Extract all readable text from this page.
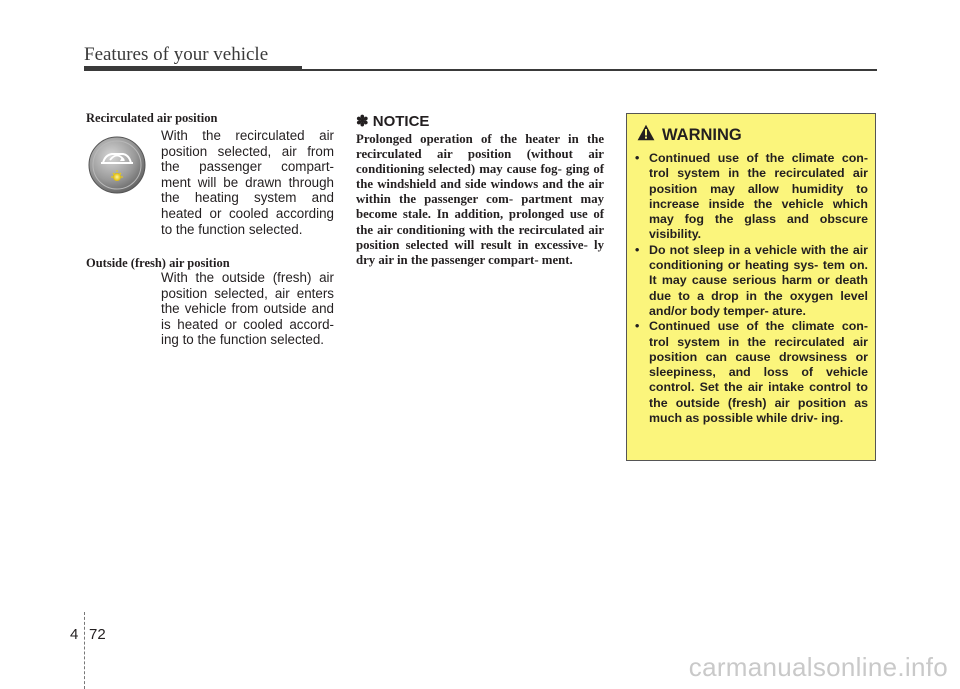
Features of your vehicle
Recirculated air position
With the recirculated air position selected, air from the passenger compart- ment will be drawn through the heating system and heated or cooled according to the function selected.
Outside (fresh) air position
With the outside (fresh) air position selected, air enters the vehicle from outside and is heated or cooled accord- ing to the function selected.
✽ NOTICE
Prolonged operation of the heater in the recirculated air position (without air conditioning selected) may cause fog- ging of the windshield and side windows and the air within the passenger com- partment may become stale. In addition, prolonged use of the air conditioning with the recirculated air position selected will result in excessive- ly dry air in the passenger compart- ment.
WARNING
• Continued use of the climate con- trol system in the recirculated air position may allow humidity to increase inside the vehicle which may fog the glass and obscure visibility.
• Do not sleep in a vehicle with the air conditioning or heating sys- tem on. It may cause serious harm or death due to a drop in the oxygen level and/or body temper- ature.
• Continued use of the climate con- trol system in the recirculated air position can cause drowsiness or sleepiness, and loss of vehicle control. Set the air intake control to the outside (fresh) air position as much as possible while driv- ing.
4 72
carmanualsonline.info
